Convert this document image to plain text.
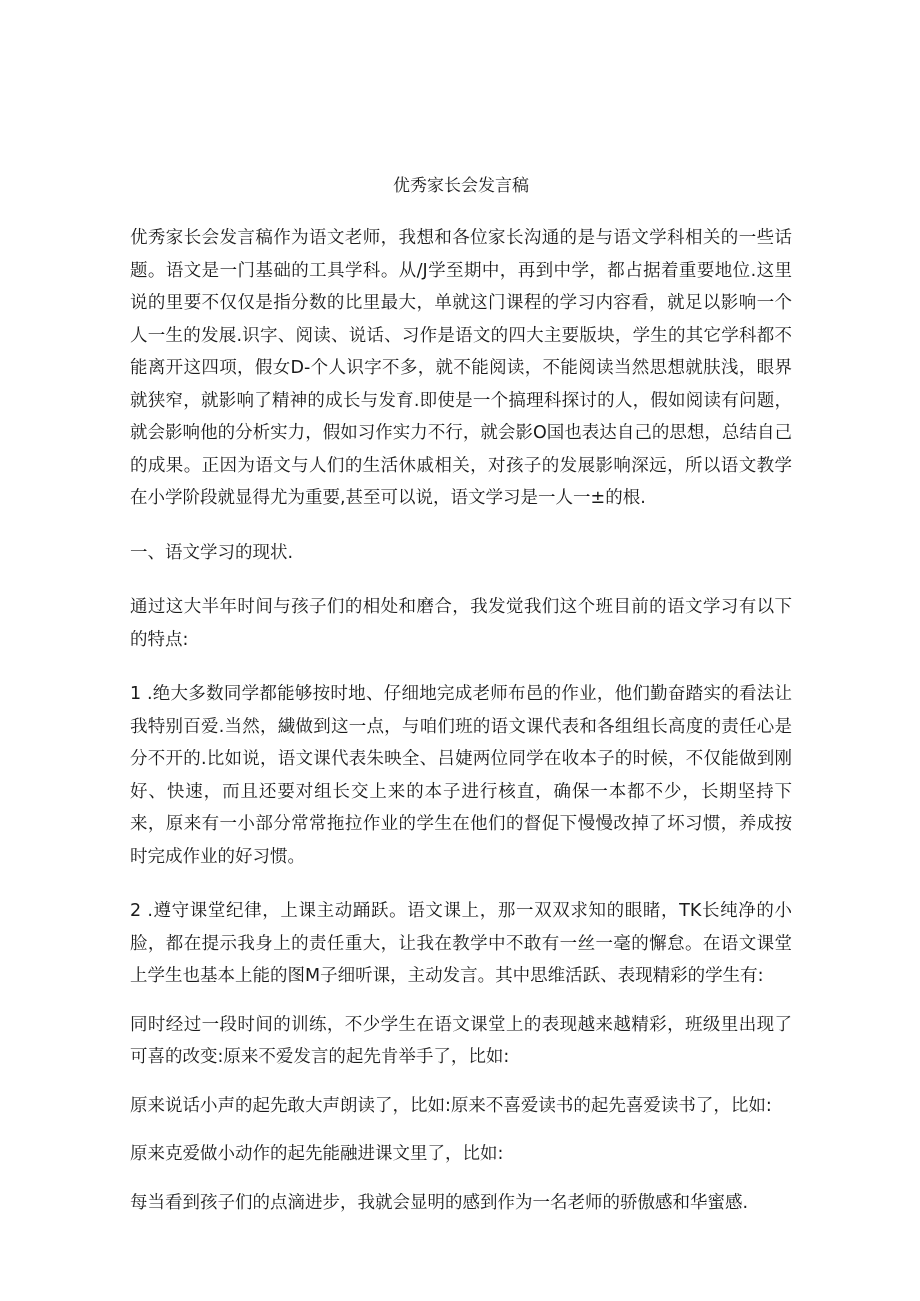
优秀家长会发言稿

优秀家长会发言稿作为语文老师，我想和各位家长沟通的是与语文学科相关的一些话题。语文是一门基础的工具学科。从/J学至期中，再到中学，都占据着重要地位.这里说的里要不仅仅是指分数的比里最大，单就这门课程的学习内容看，就足以影响一个人一生的发展.识字、阅读、说话、习作是语文的四大主要版块，学生的其它学科都不能离开这四项，假女D-个人识字不多，就不能阅读，不能阅读当然思想就肤浅，眼界就狭窄，就影响了精神的成长与发育.即使是一个搞理科探讨的人，假如阅读有问题，就会影响他的分析实力，假如习作实力不行，就会影O国也表达自己的思想，总结自己的成果。正因为语文与人们的生活休戚相关，对孩子的发展影响深远，所以语文教学在小学阶段就显得尤为重要,甚至可以说，语文学习是一人一±的根.

一、语文学习的现状.

通过这大半年时间与孩子们的相处和磨合，我发觉我们这个班目前的语文学习有以下的特点:

1 .绝大多数同学都能够按时地、仔细地完成老师布邑的作业，他们勤奋踏实的看法让我特别百爱.当然，繊做到这一点，与咱们班的语文课代表和各组组长高度的责任心是分不开的.比如说，语文课代表朱映全、吕婕两位同学在收本子的时候，不仅能做到刚好、快速，而且还要对组长交上来的本子进行核直，确保一本都不少，长期坚持下来，原来有一小部分常常拖拉作业的学生在他们的督促下慢慢改掉了坏习惯，养成按时完成作业的好习惯。

2 .遵守课堂纪律，上课主动踊跃。语文课上，那一双双求知的眼睹，TK长纯净的小脸，都在提示我身上的责任重大，让我在教学中不敢有一丝一毫的懈怠。在语文课堂上学生也基本上能的图M子细听课，主动发言。其中思维活跃、表现精彩的学生有:

同时经过一段时间的训练，不少学生在语文课堂上的表现越来越精彩，班级里出现了可喜的改变:原来不爱发言的起先肯举手了，比如:

原来说话小声的起先敢大声朗读了，比如:原来不喜爱读书的起先喜爱读书了，比如:

原来克爱做小动作的起先能融进课文里了，比如:

每当看到孩子们的点滴进步，我就会显明的感到作为一名老师的骄傲感和华蜜感.
